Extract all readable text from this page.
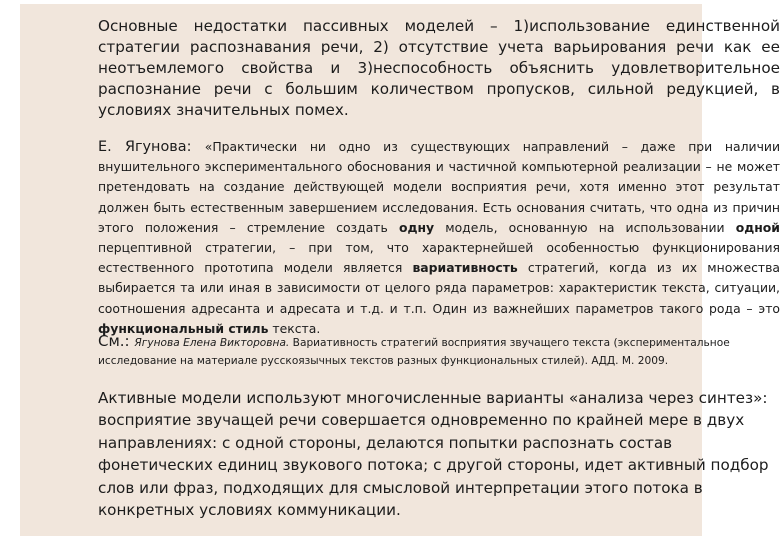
Основные недостатки пассивных моделей – 1)использование единственной стратегии распознавания речи, 2) отсутствие учета варьирования речи как ее неотъемлемого свойства и 3)неспособность объяснить удовлетворительное распознание речи с большим количеством пропусков, сильной редукцией, в условиях значительных помех.

Е. Ягунова: «Практически ни одно из существующих направлений – даже при наличии внушительного экспериментального обоснования и частичной компьютерной реализации – не может претендовать на создание действующей модели восприятия речи, хотя именно этот результат должен быть естественным завершением исследования. Есть основания считать, что одна из причин этого положения – стремление создать одну модель, основанную на использовании одной перцептивной стратегии, – при том, что характернейшей особенностью функционирования естественного прототипа модели является вариативность стратегий, когда из их множества выбирается та или иная в зависимости от целого ряда параметров: характеристик текста, ситуации, соотношения адресанта и адресата и т.д. и т.п. Один из важнейших параметров такого рода – это функциональный стиль текста.

См.: Ягунова Елена Викторовна. Вариативность стратегий восприятия звучащего текста (экспериментальное исследование на материале русскоязычных текстов разных функциональных стилей). АДД. М. 2009.

Активные модели используют многочисленные варианты «анализа через синтез»: восприятие звучащей речи совершается одновременно по крайней мере в двух направлениях: с одной стороны, делаются попытки распознать состав фонетических единиц звукового потока; с другой стороны, идет активный подбор слов или фраз, подходящих для смысловой интерпретации этого потока в конкретных условиях коммуникации.
